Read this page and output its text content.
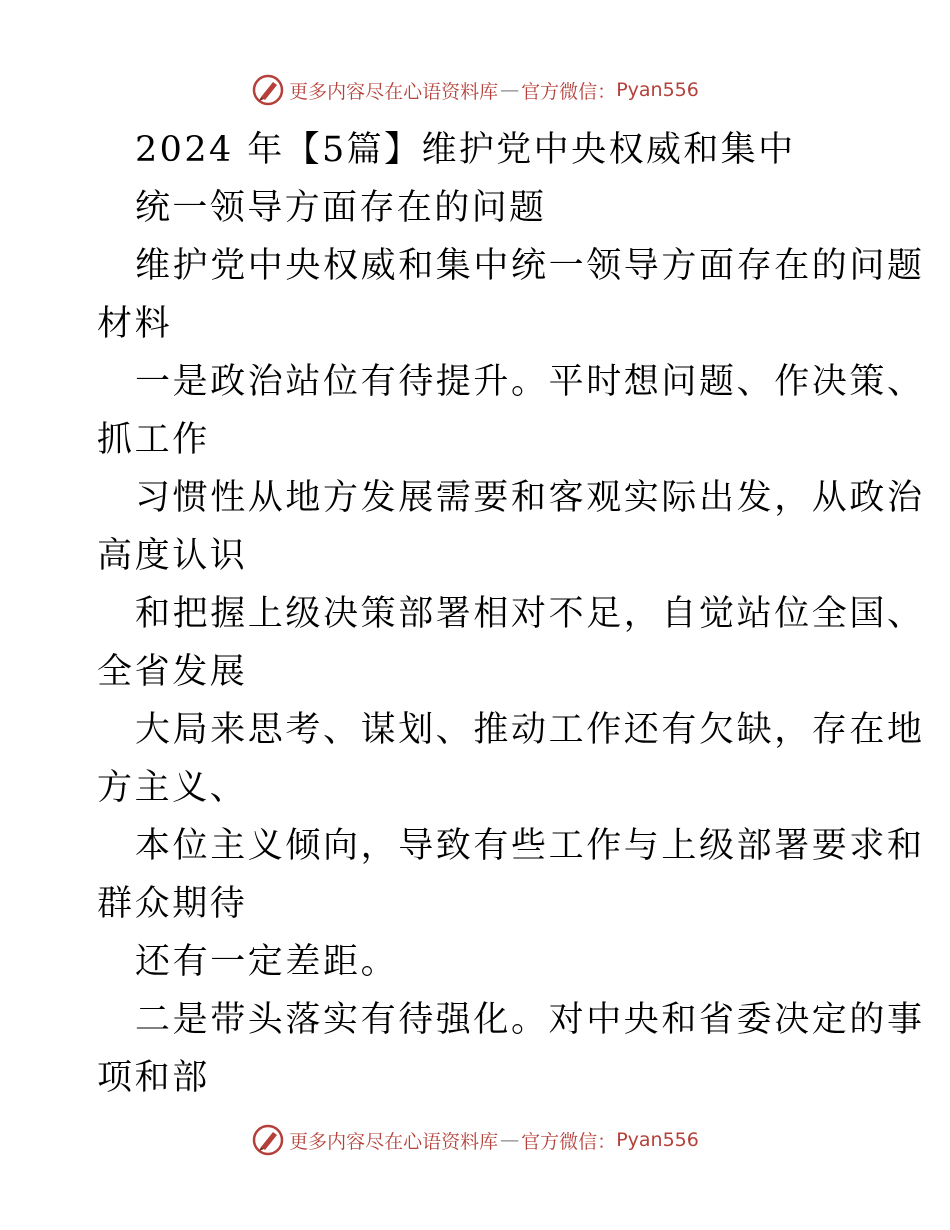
更多内容尽在心语资料库 — 官方微信： Pyan556
2024 年【5篇】维护党中央权威和集中
统一领导方面存在的问题
维护党中央权威和集中统一领导方面存在的问题
材料
一是政治站位有待提升。平时想问题、作决策、
抓工作
习惯性从地方发展需要和客观实际出发，从政治
高度认识
和把握上级决策部署相对不足，自觉站位全国、
全省发展
大局来思考、谋划、推动工作还有欠缺，存在地
方主义、
本位主义倾向，导致有些工作与上级部署要求和
群众期待
还有一定差距。
二是带头落实有待强化。对中央和省委决定的事
项和部
更多内容尽在心语资料库 — 官方微信： Pyan556
